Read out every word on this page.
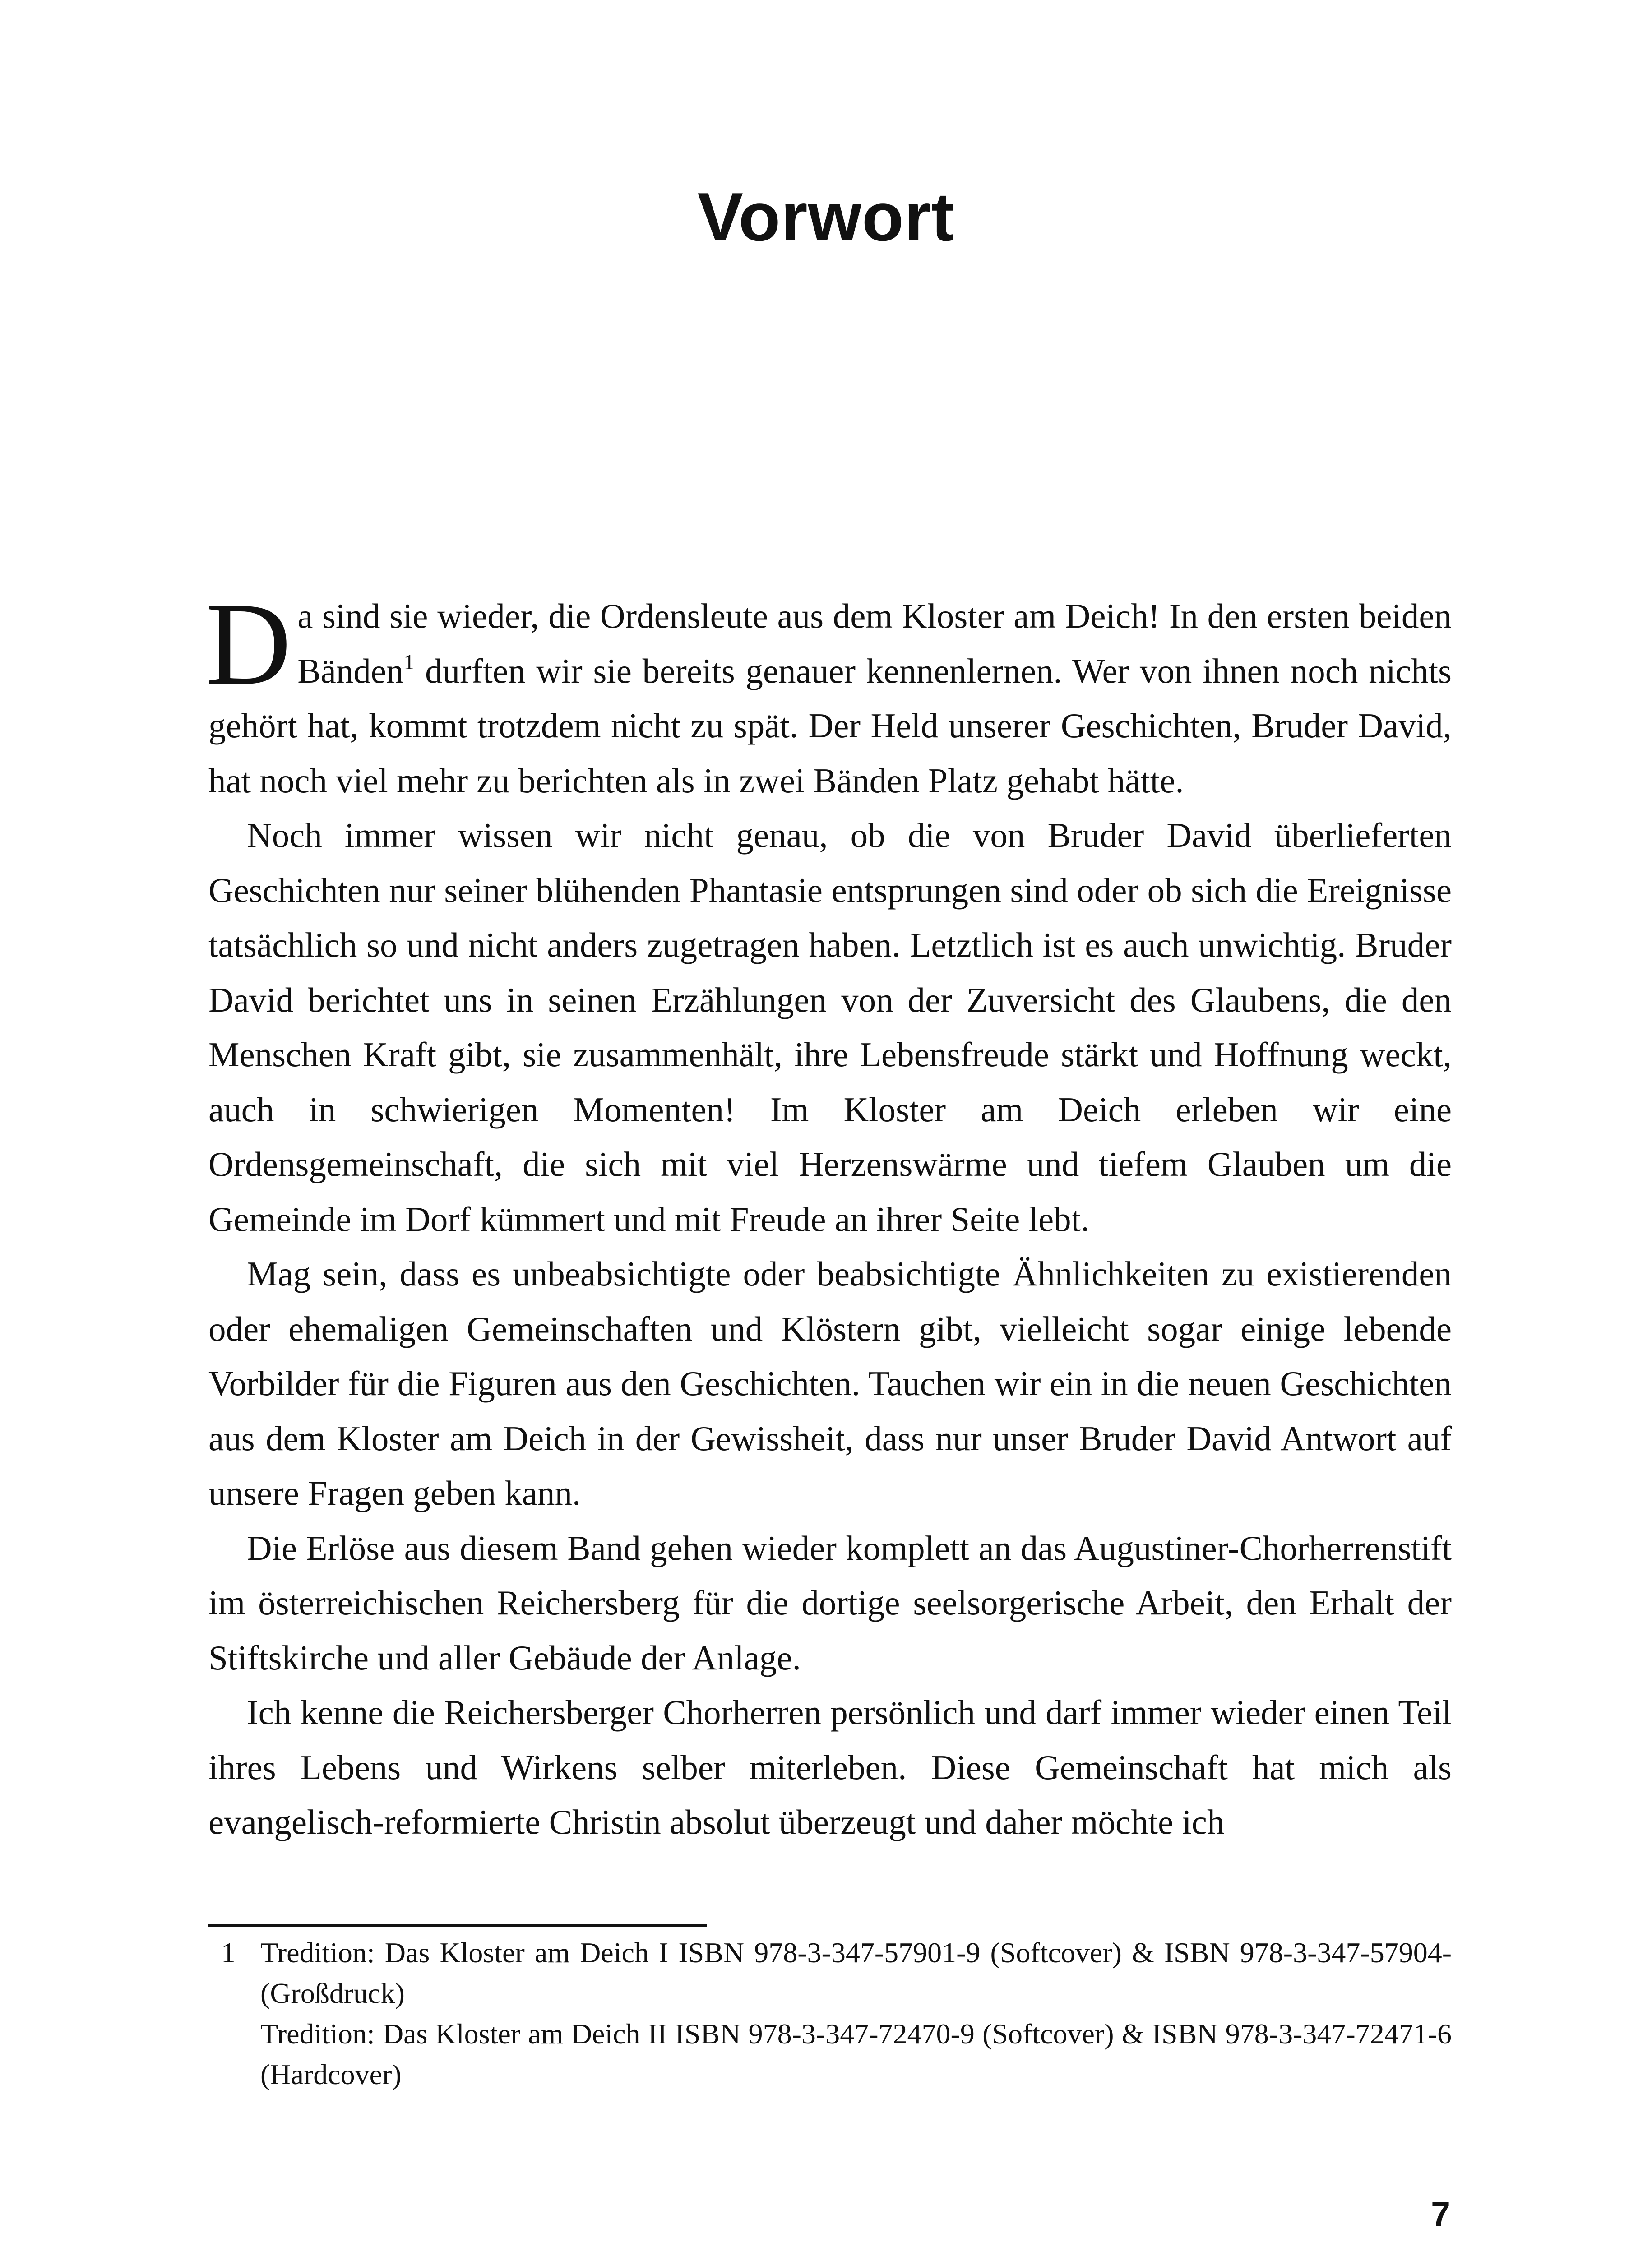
Vorwort

Da sind sie wieder, die Ordensleute aus dem Kloster am Deich! In den ersten beiden Bänden$^1$ durften wir sie bereits genauer kennenlernen. Wer von ihnen noch nichts gehört hat, kommt trotzdem nicht zu spät. Der Held unserer Geschichten, Bruder David, hat noch viel mehr zu berichten als in zwei Bänden Platz gehabt hätte.

Noch immer wissen wir nicht genau, ob die von Bruder David überlieferten Geschichten nur seiner blühenden Phantasie entsprungen sind oder ob sich die Ereignisse tatsächlich so und nicht anders zugetragen haben. Letztlich ist es auch unwichtig. Bruder David berichtet uns in seinen Erzählungen von der Zuversicht des Glaubens, die den Menschen Kraft gibt, sie zusammenhält, ihre Lebensfreude stärkt und Hoffnung weckt, auch in schwierigen Momenten! Im Kloster am Deich erleben wir eine Ordensgemeinschaft, die sich mit viel Herzenswärme und tiefem Glauben um die Gemeinde im Dorf kümmert und mit Freude an ihrer Seite lebt.

Mag sein, dass es unbeabsichtigte oder beabsichtigte Ähnlichkeiten zu existierenden oder ehemaligen Gemeinschaften und Klöstern gibt, vielleicht sogar einige lebende Vorbilder für die Figuren aus den Geschichten. Tauchen wir ein in die neuen Geschichten aus dem Kloster am Deich in der Gewissheit, dass nur unser Bruder David Antwort auf unsere Fragen geben kann.

Die Erlöse aus diesem Band gehen wieder komplett an das Augustiner-Chorherrenstift im österreichischen Reichersberg für die dortige seelsorgerische Arbeit, den Erhalt der Stiftskirche und aller Gebäude der Anlage.

Ich kenne die Reichersberger Chorherren persönlich und darf immer wieder einen Teil ihres Lebens und Wirkens selber miterleben. Diese Gemeinschaft hat mich als evangelisch-reformierte Christin absolut überzeugt und daher möchte ich

1 Tredition: Das Kloster am Deich I ISBN 978-3-347-57901-9 (Softcover) & ISBN 978-3-347-57904- (Großdruck)
Tredition: Das Kloster am Deich II ISBN 978-3-347-72470-9 (Softcover) & ISBN 978-3-347-72471-6 (Hardcover)
7
